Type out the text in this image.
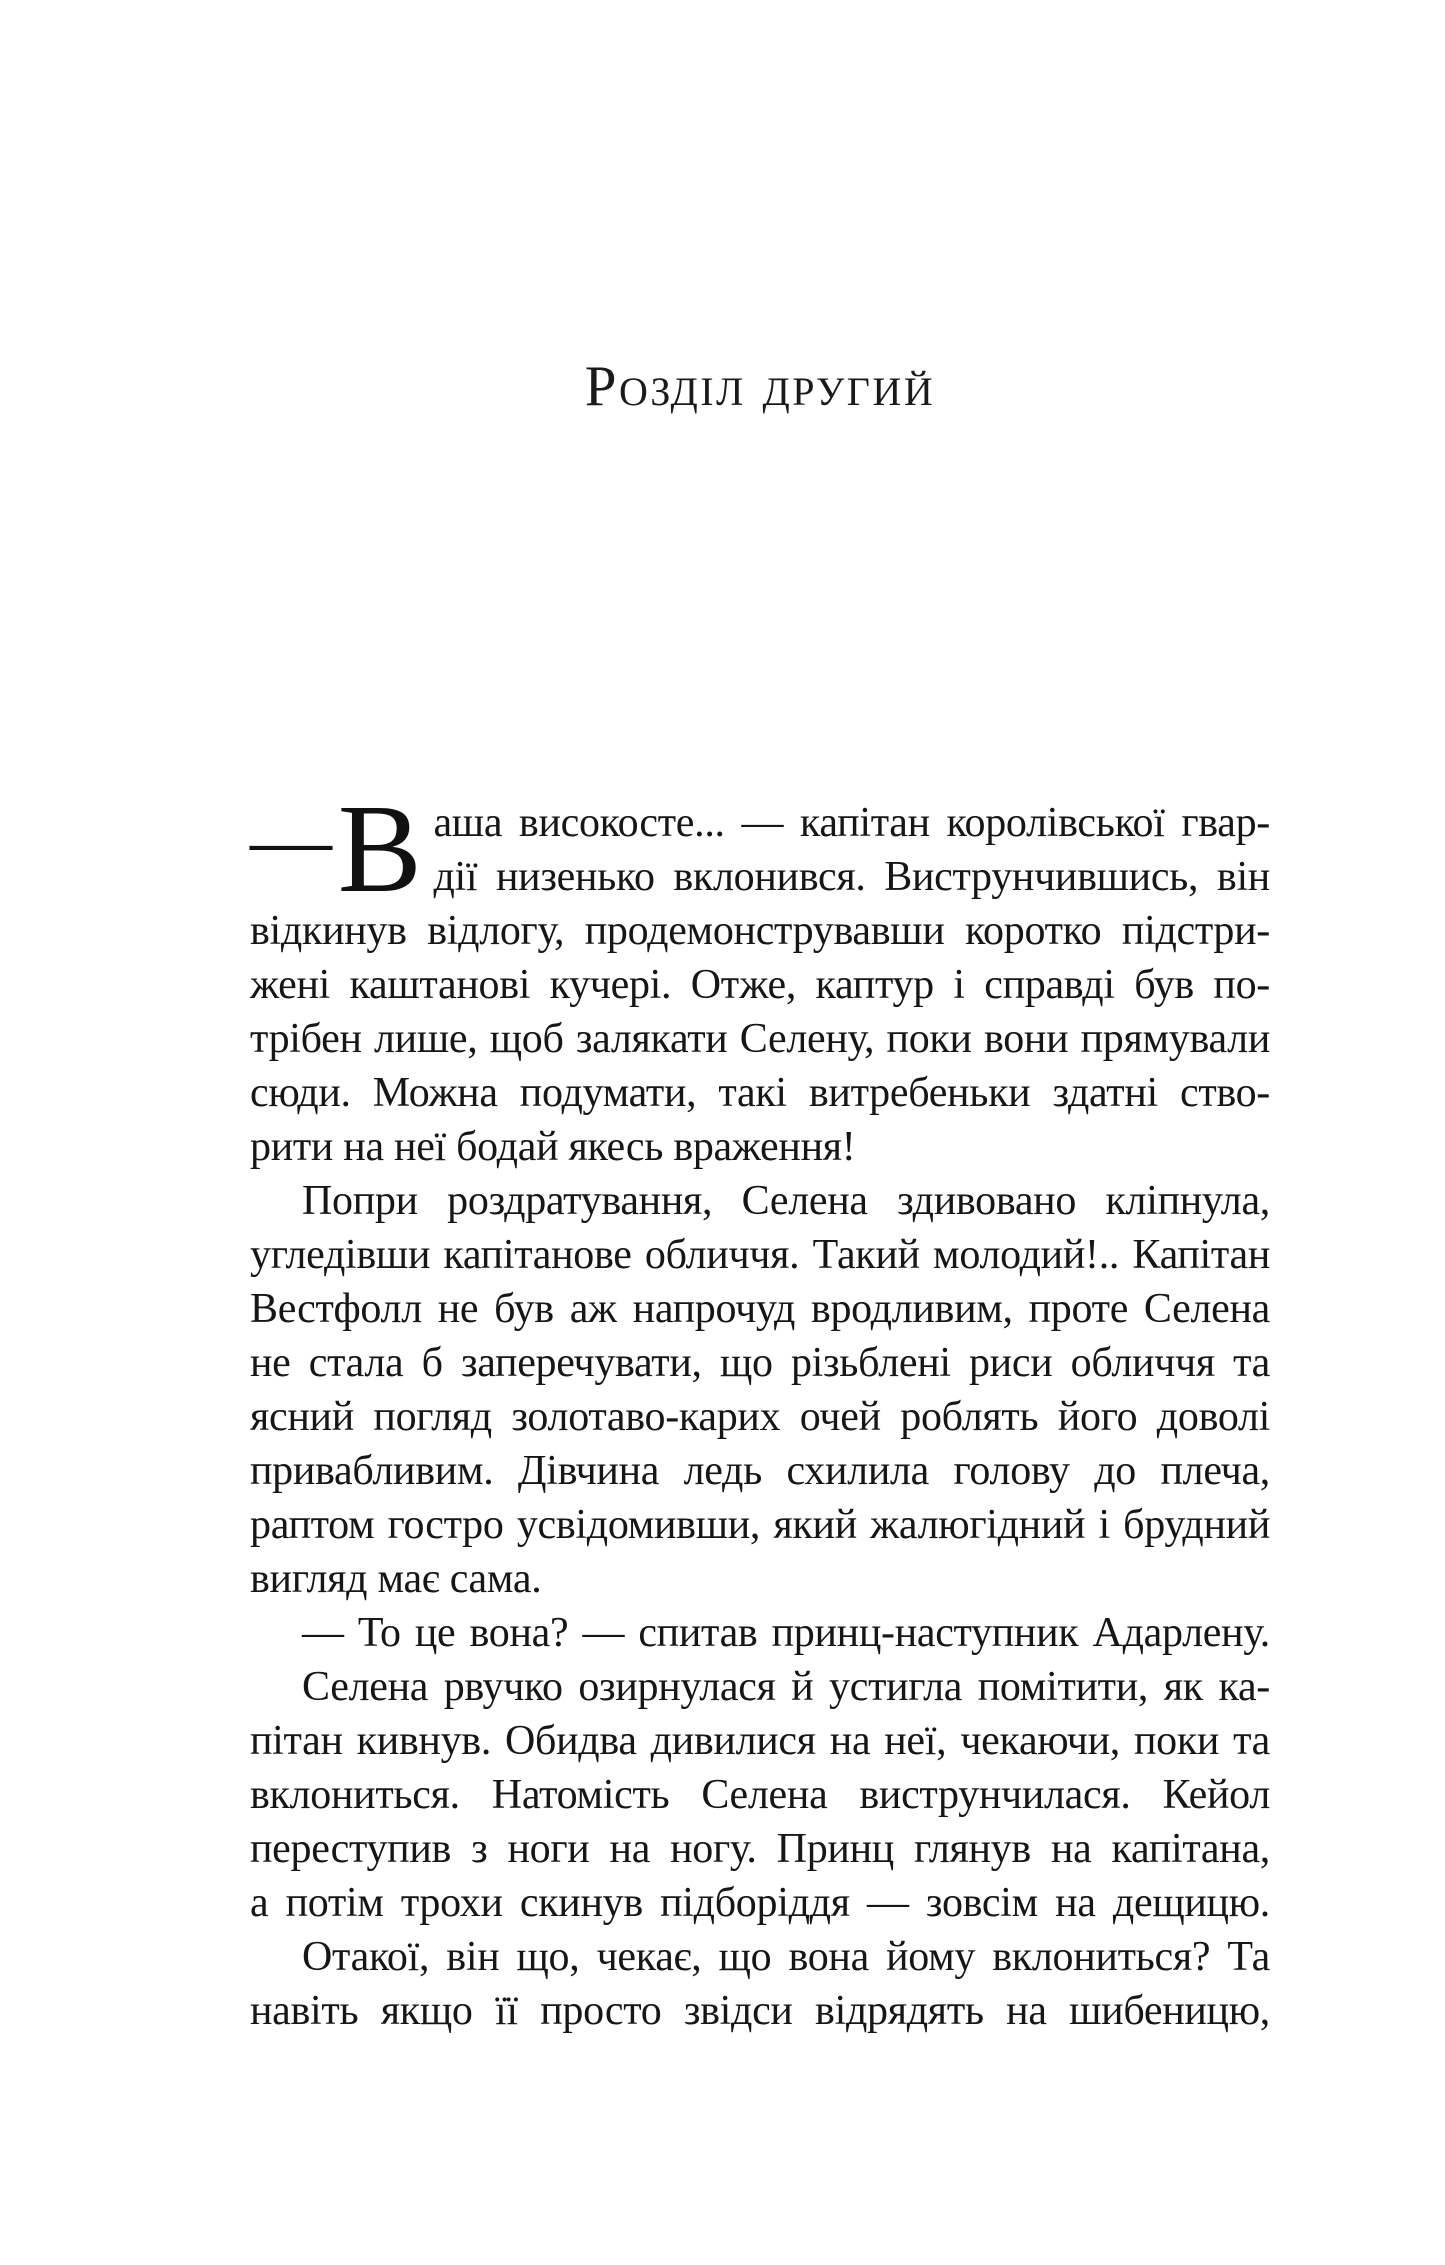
Розділ другий
— В аша високосте... — капітан королівської гвар-
дії низенько вклонився. Виструнчившись, він
відкинув відлогу, продемонструвавши коротко підстри-
жені каштанові кучері. Отже, каптур і справді був по-
трібен лише, щоб залякати Селену, поки вони прямували
сюди. Можна подумати, такі витребеньки здатні ство-
рити на неї бодай якесь враження!
Попри роздратування, Селена здивовано кліпнула,
угледівши капітанове обличчя. Такий молодий!.. Капітан
Вестфолл не був аж напрочуд вродливим, проте Селена
не стала б заперечувати, що різьблені риси обличчя та
ясний погляд золотаво-карих очей роблять його доволі
привабливим. Дівчина ледь схилила голову до плеча,
раптом гостро усвідомивши, який жалюгідний і брудний
вигляд має сама.
— То це вона? — спитав принц-наступник Адарлену.
Селена рвучко озирнулася й устигла помітити, як ка-
пітан кивнув. Обидва дивилися на неї, чекаючи, поки та
вклониться. Натомість Селена виструнчилася. Кейол
переступив з ноги на ногу. Принц глянув на капітана,
а потім трохи скинув підборіддя — зовсім на дещицю.
Отакої, він що, чекає, що вона йому вклониться? Та
навіть якщо її просто звідси відрядять на шибеницю,
